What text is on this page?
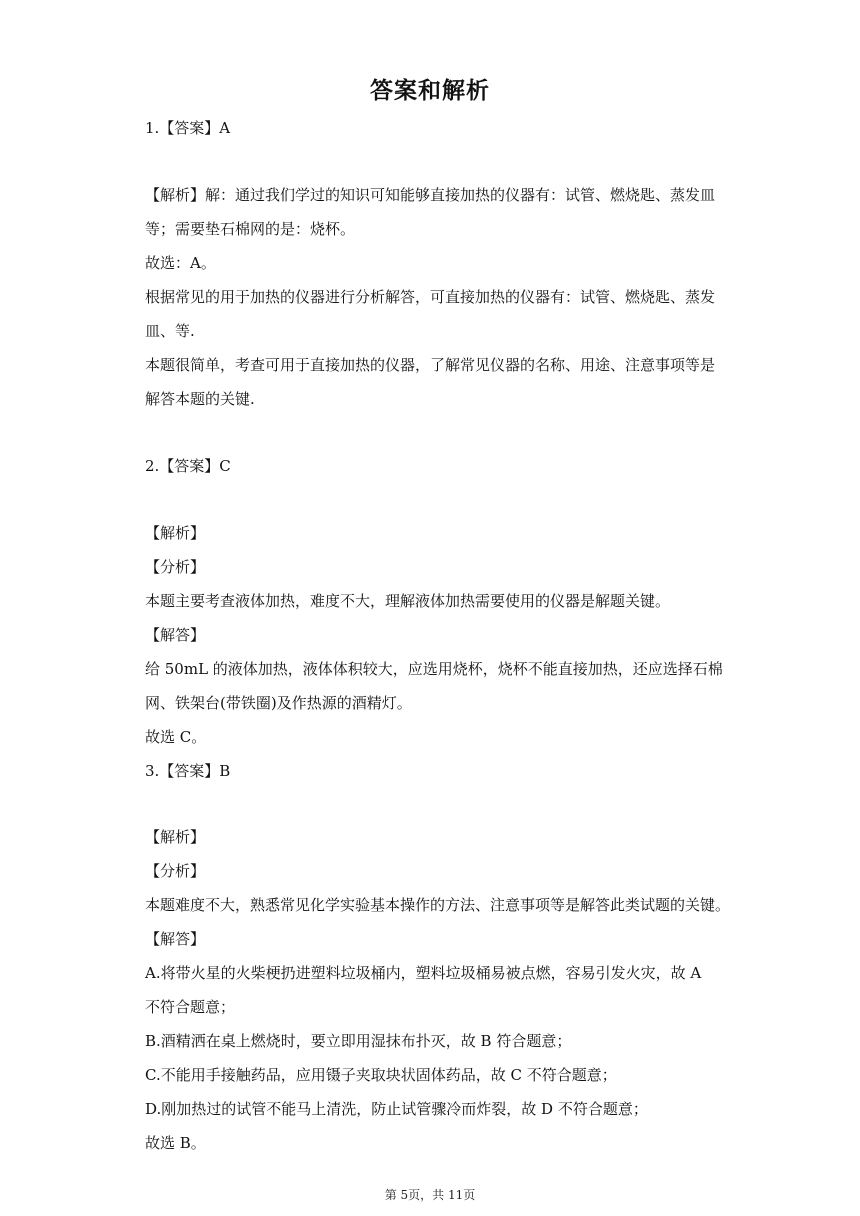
答案和解析
1.【答案】A
【解析】解：通过我们学过的知识可知能够直接加热的仪器有：试管、燃烧匙、蒸发皿
等；需要垫石棉网的是：烧杯。
故选：A。
根据常见的用于加热的仪器进行分析解答，可直接加热的仪器有：试管、燃烧匙、蒸发
皿、等.
本题很简单，考查可用于直接加热的仪器，了解常见仪器的名称、用途、注意事项等是
解答本题的关键.
2.【答案】C
【解析】
【分析】
本题主要考查液体加热，难度不大，理解液体加热需要使用的仪器是解题关键。
【解答】
给 50mL 的液体加热，液体体积较大，应选用烧杯，烧杯不能直接加热，还应选择石棉
网、铁架台(带铁圈)及作热源的酒精灯。
故选 C。
3.【答案】B
【解析】
【分析】
本题难度不大，熟悉常见化学实验基本操作的方法、注意事项等是解答此类试题的关键。
【解答】
A.将带火星的火柴梗扔进塑料垃圾桶内，塑料垃圾桶易被点燃，容易引发火灾，故 A
不符合题意；
B.酒精洒在桌上燃烧时，要立即用湿抹布扑灭，故 B 符合题意；
C.不能用手接触药品，应用镊子夹取块状固体药品，故 C 不符合题意；
D.刚加热过的试管不能马上清洗，防止试管骤冷而炸裂，故 D 不符合题意；
故选 B。
第 5页，共 11页
